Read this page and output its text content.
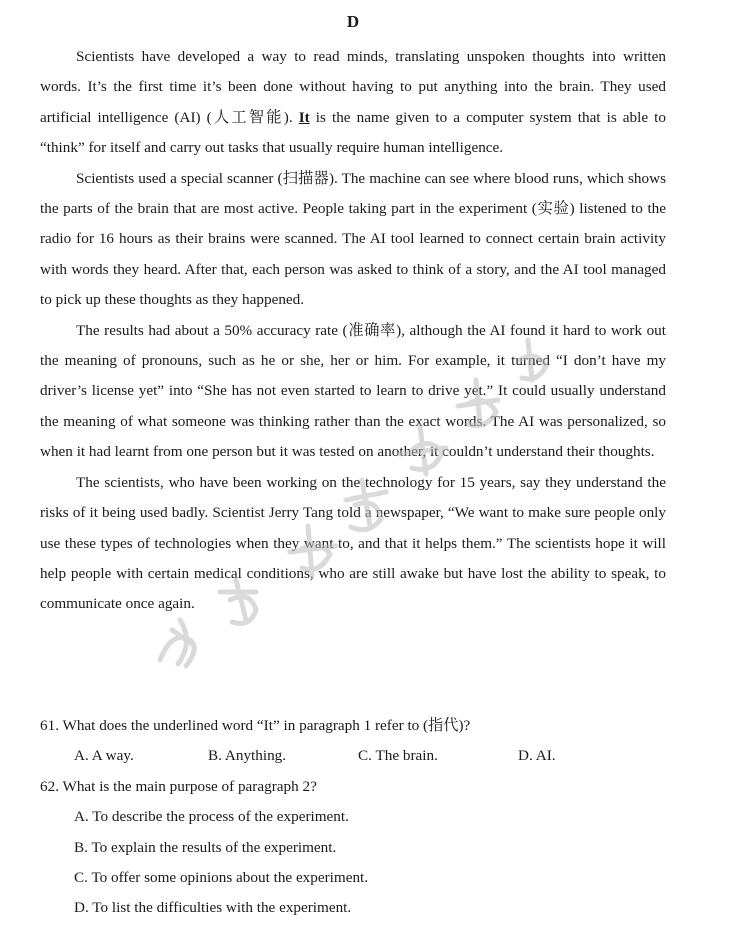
D

Scientists have developed a way to read minds, translating unspoken thoughts into written words. It’s the first time it’s been done without having to put anything into the brain. They used artificial intelligence (AI) (人工智能). It is the name given to a computer system that is able to “think” for itself and carry out tasks that usually require human intelligence.

Scientists used a special scanner (扫描器). The machine can see where blood runs, which shows the parts of the brain that are most active. People taking part in the experiment (实验) listened to the radio for 16 hours as their brains were scanned. The AI tool learned to connect certain brain activity with words they heard. After that, each person was asked to think of a story, and the AI tool managed to pick up these thoughts as they happened.

The results had about a 50% accuracy rate (准确率), although the AI found it hard to work out the meaning of pronouns, such as he or she, her or him. For example, it turned “I don’t have my driver’s license yet” into “She has not even started to learn to drive yet.” It could usually understand the meaning of what someone was thinking rather than the exact words. The AI was personalized, so when it had learnt from one person but it was tested on another, it couldn’t understand their thoughts.

The scientists, who have been working on the technology for 15 years, say they understand the risks of it being used badly. Scientist Jerry Tang told a newspaper, “We want to make sure people only use these types of technologies when they want to, and that it helps them.” The scientists hope it will help people with certain medical conditions, who are still awake but have lost the ability to speak, to communicate once again.

61. What does the underlined word “It” in paragraph 1 refer to (指代)?
A. A way.	B. Anything.	C. The brain.	D. AI.
62. What is the main purpose of paragraph 2?
A. To describe the process of the experiment.
B. To explain the results of the experiment.
C. To offer some opinions about the experiment.
D. To list the difficulties with the experiment.
